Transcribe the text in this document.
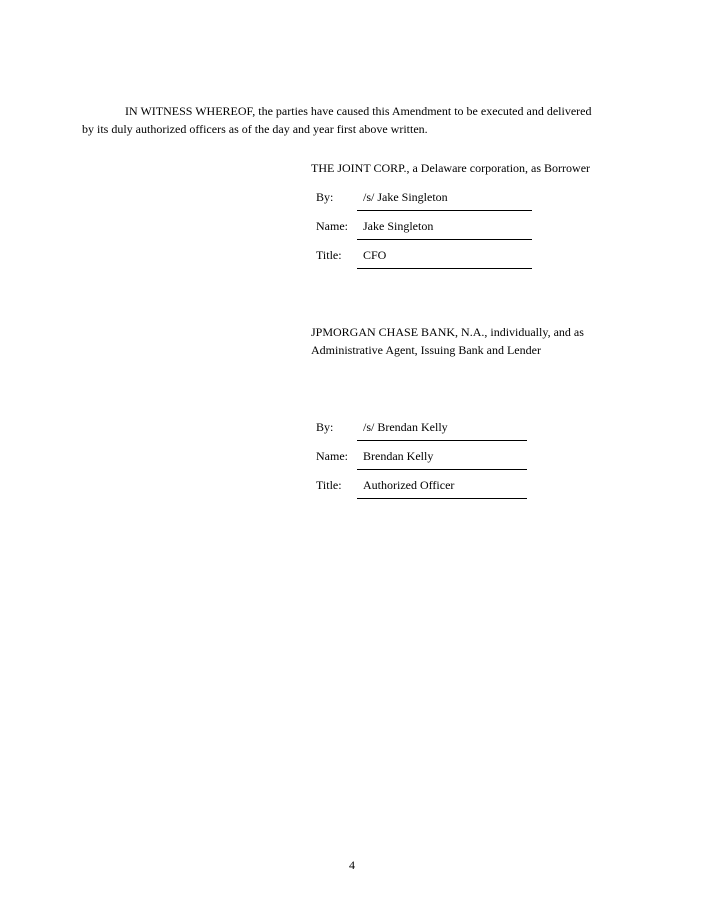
IN WITNESS WHEREOF, the parties have caused this Amendment to be executed and delivered
by its duly authorized officers as of the day and year first above written.

THE JOINT CORP., a Delaware corporation, as Borrower

By: /s/ Jake Singleton
Name: Jake Singleton
Title: CFO

JPMORGAN CHASE BANK, N.A., individually, and as
Administrative Agent, Issuing Bank and Lender

By: /s/ Brendan Kelly
Name: Brendan Kelly
Title: Authorized Officer
4
